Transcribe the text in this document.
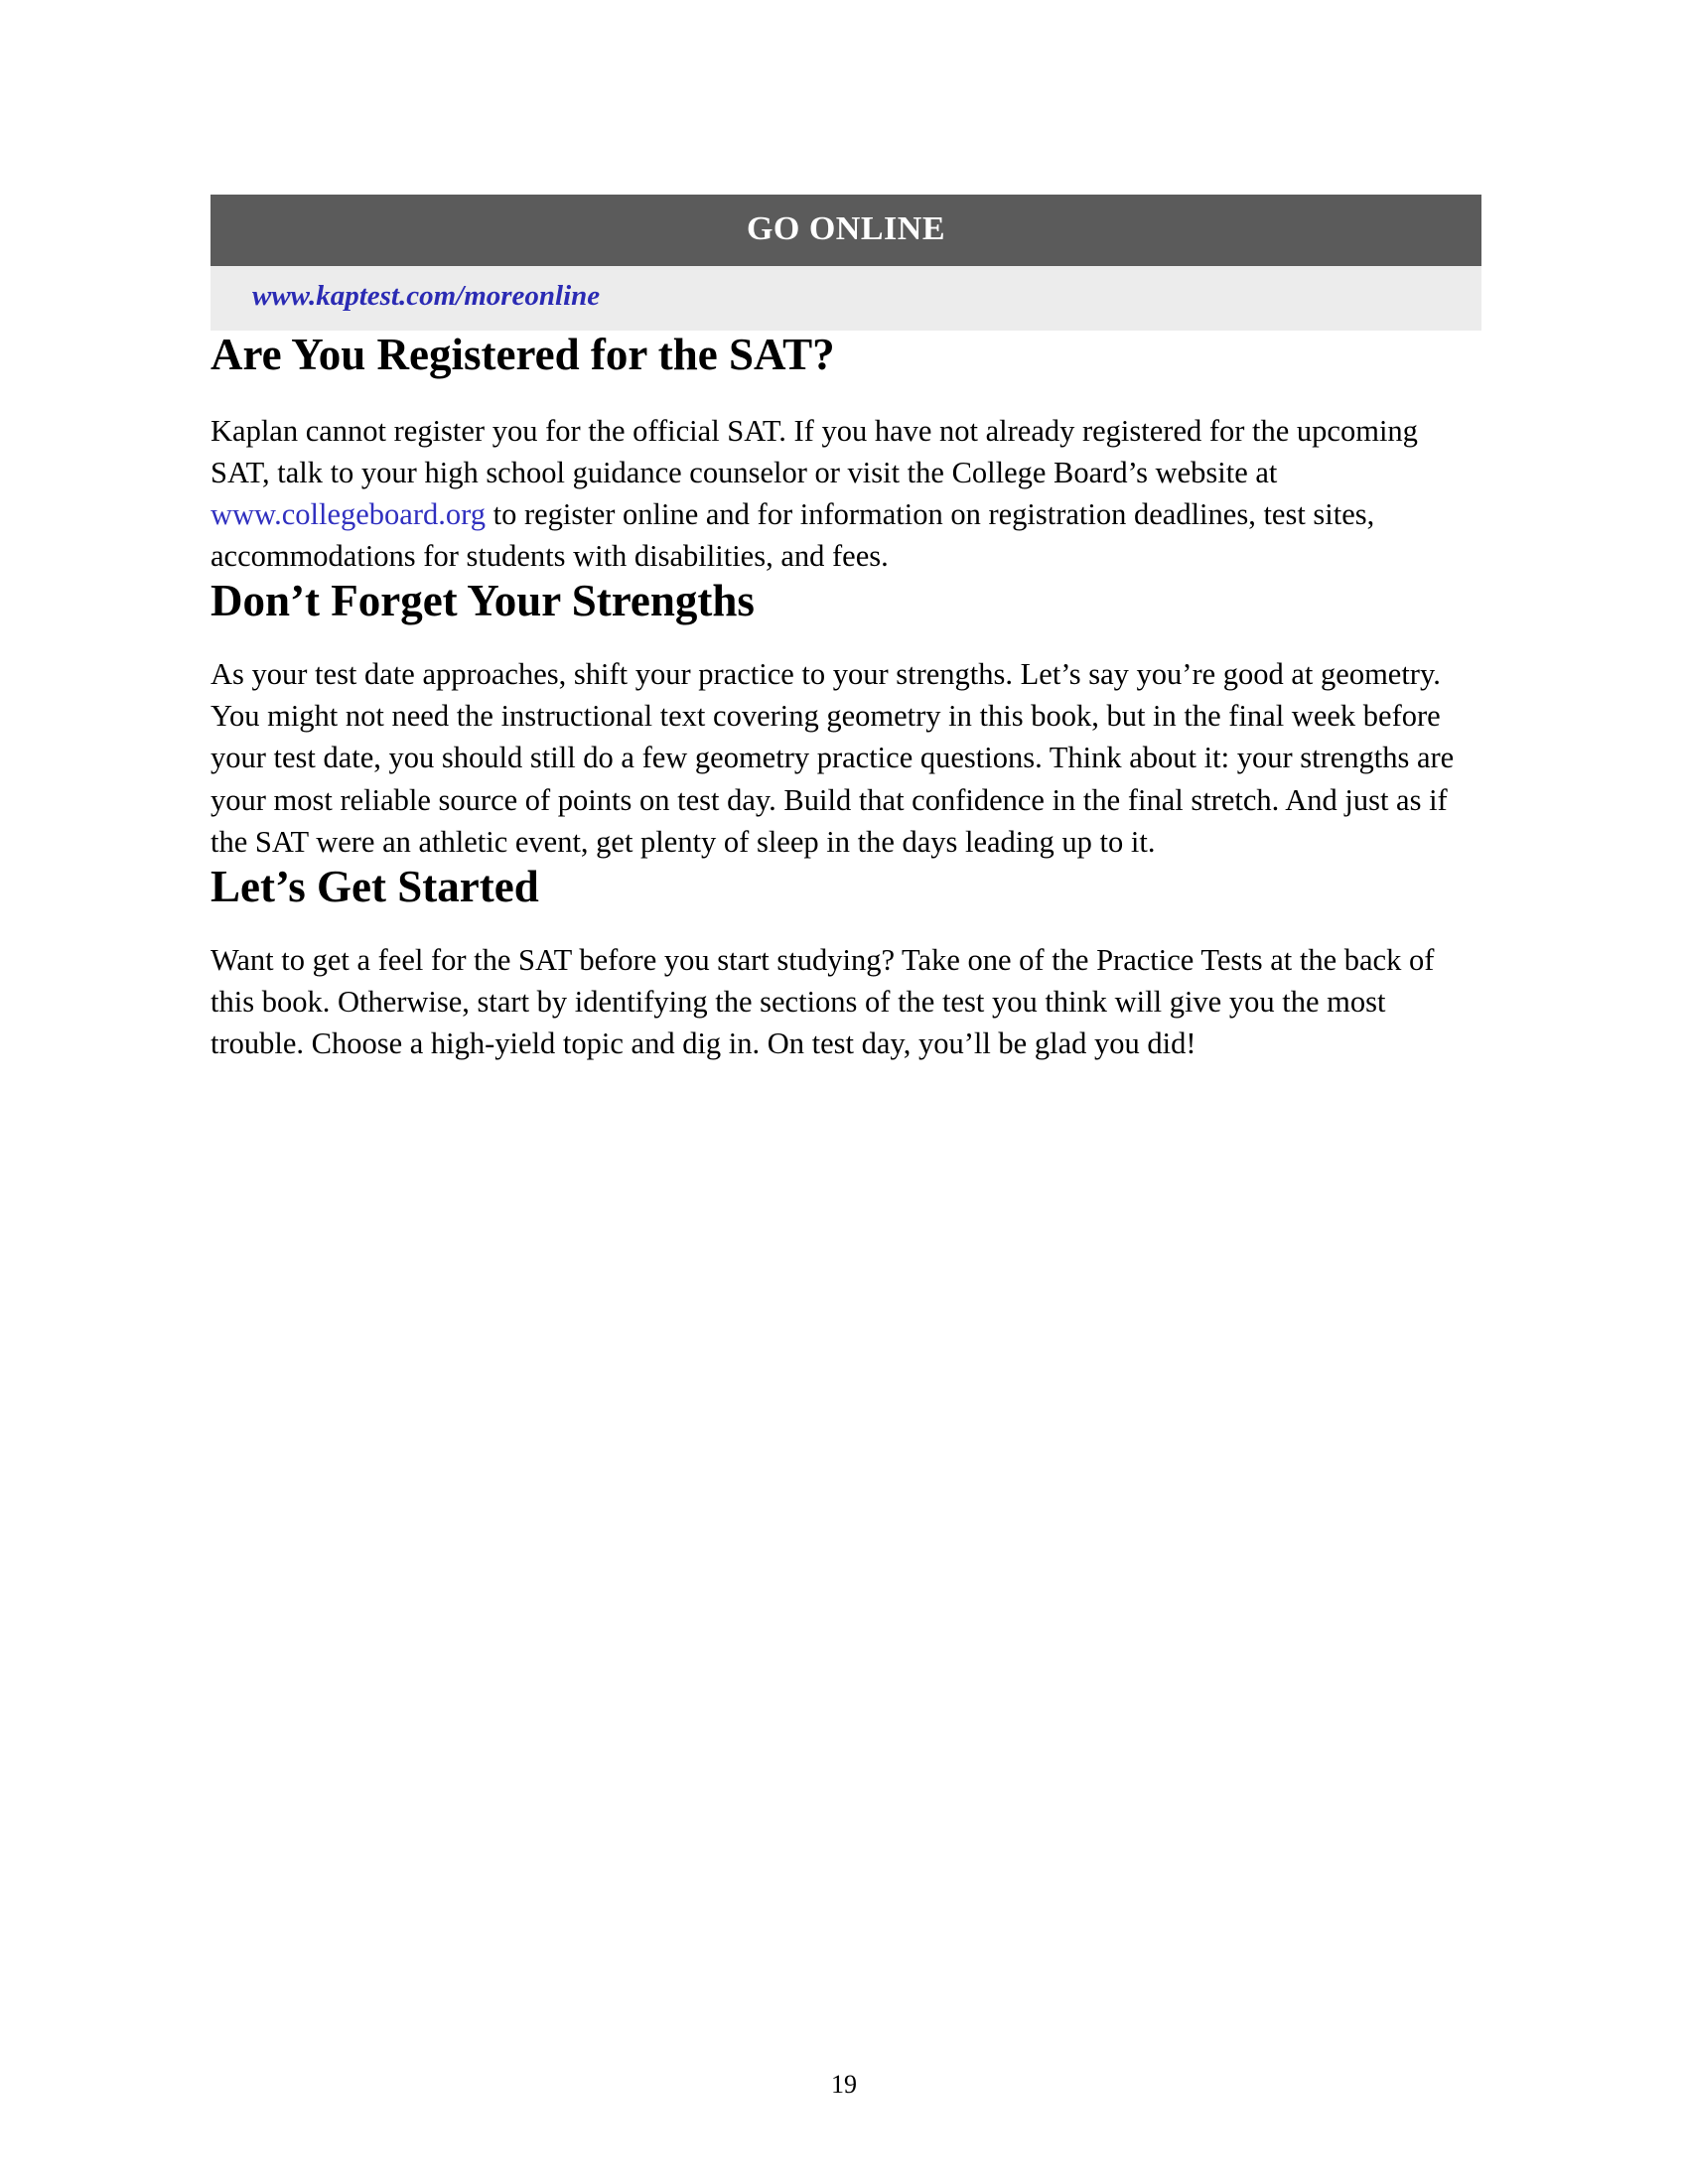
GO ONLINE
www.kaptest.com/moreonline
Are You Registered for the SAT?

Kaplan cannot register you for the official SAT. If you have not already registered for the upcoming SAT, talk to your high school guidance counselor or visit the College Board’s website at www.collegeboard.org to register online and for information on registration deadlines, test sites, accommodations for students with disabilities, and fees.

Don’t Forget Your Strengths

As your test date approaches, shift your practice to your strengths. Let’s say you’re good at geometry. You might not need the instructional text covering geometry in this book, but in the final week before your test date, you should still do a few geometry practice questions. Think about it: your strengths are your most reliable source of points on test day. Build that confidence in the final stretch. And just as if the SAT were an athletic event, get plenty of sleep in the days leading up to it.

Let’s Get Started

Want to get a feel for the SAT before you start studying? Take one of the Practice Tests at the back of this book. Otherwise, start by identifying the sections of the test you think will give you the most trouble. Choose a high-yield topic and dig in. On test day, you’ll be glad you did!

19
